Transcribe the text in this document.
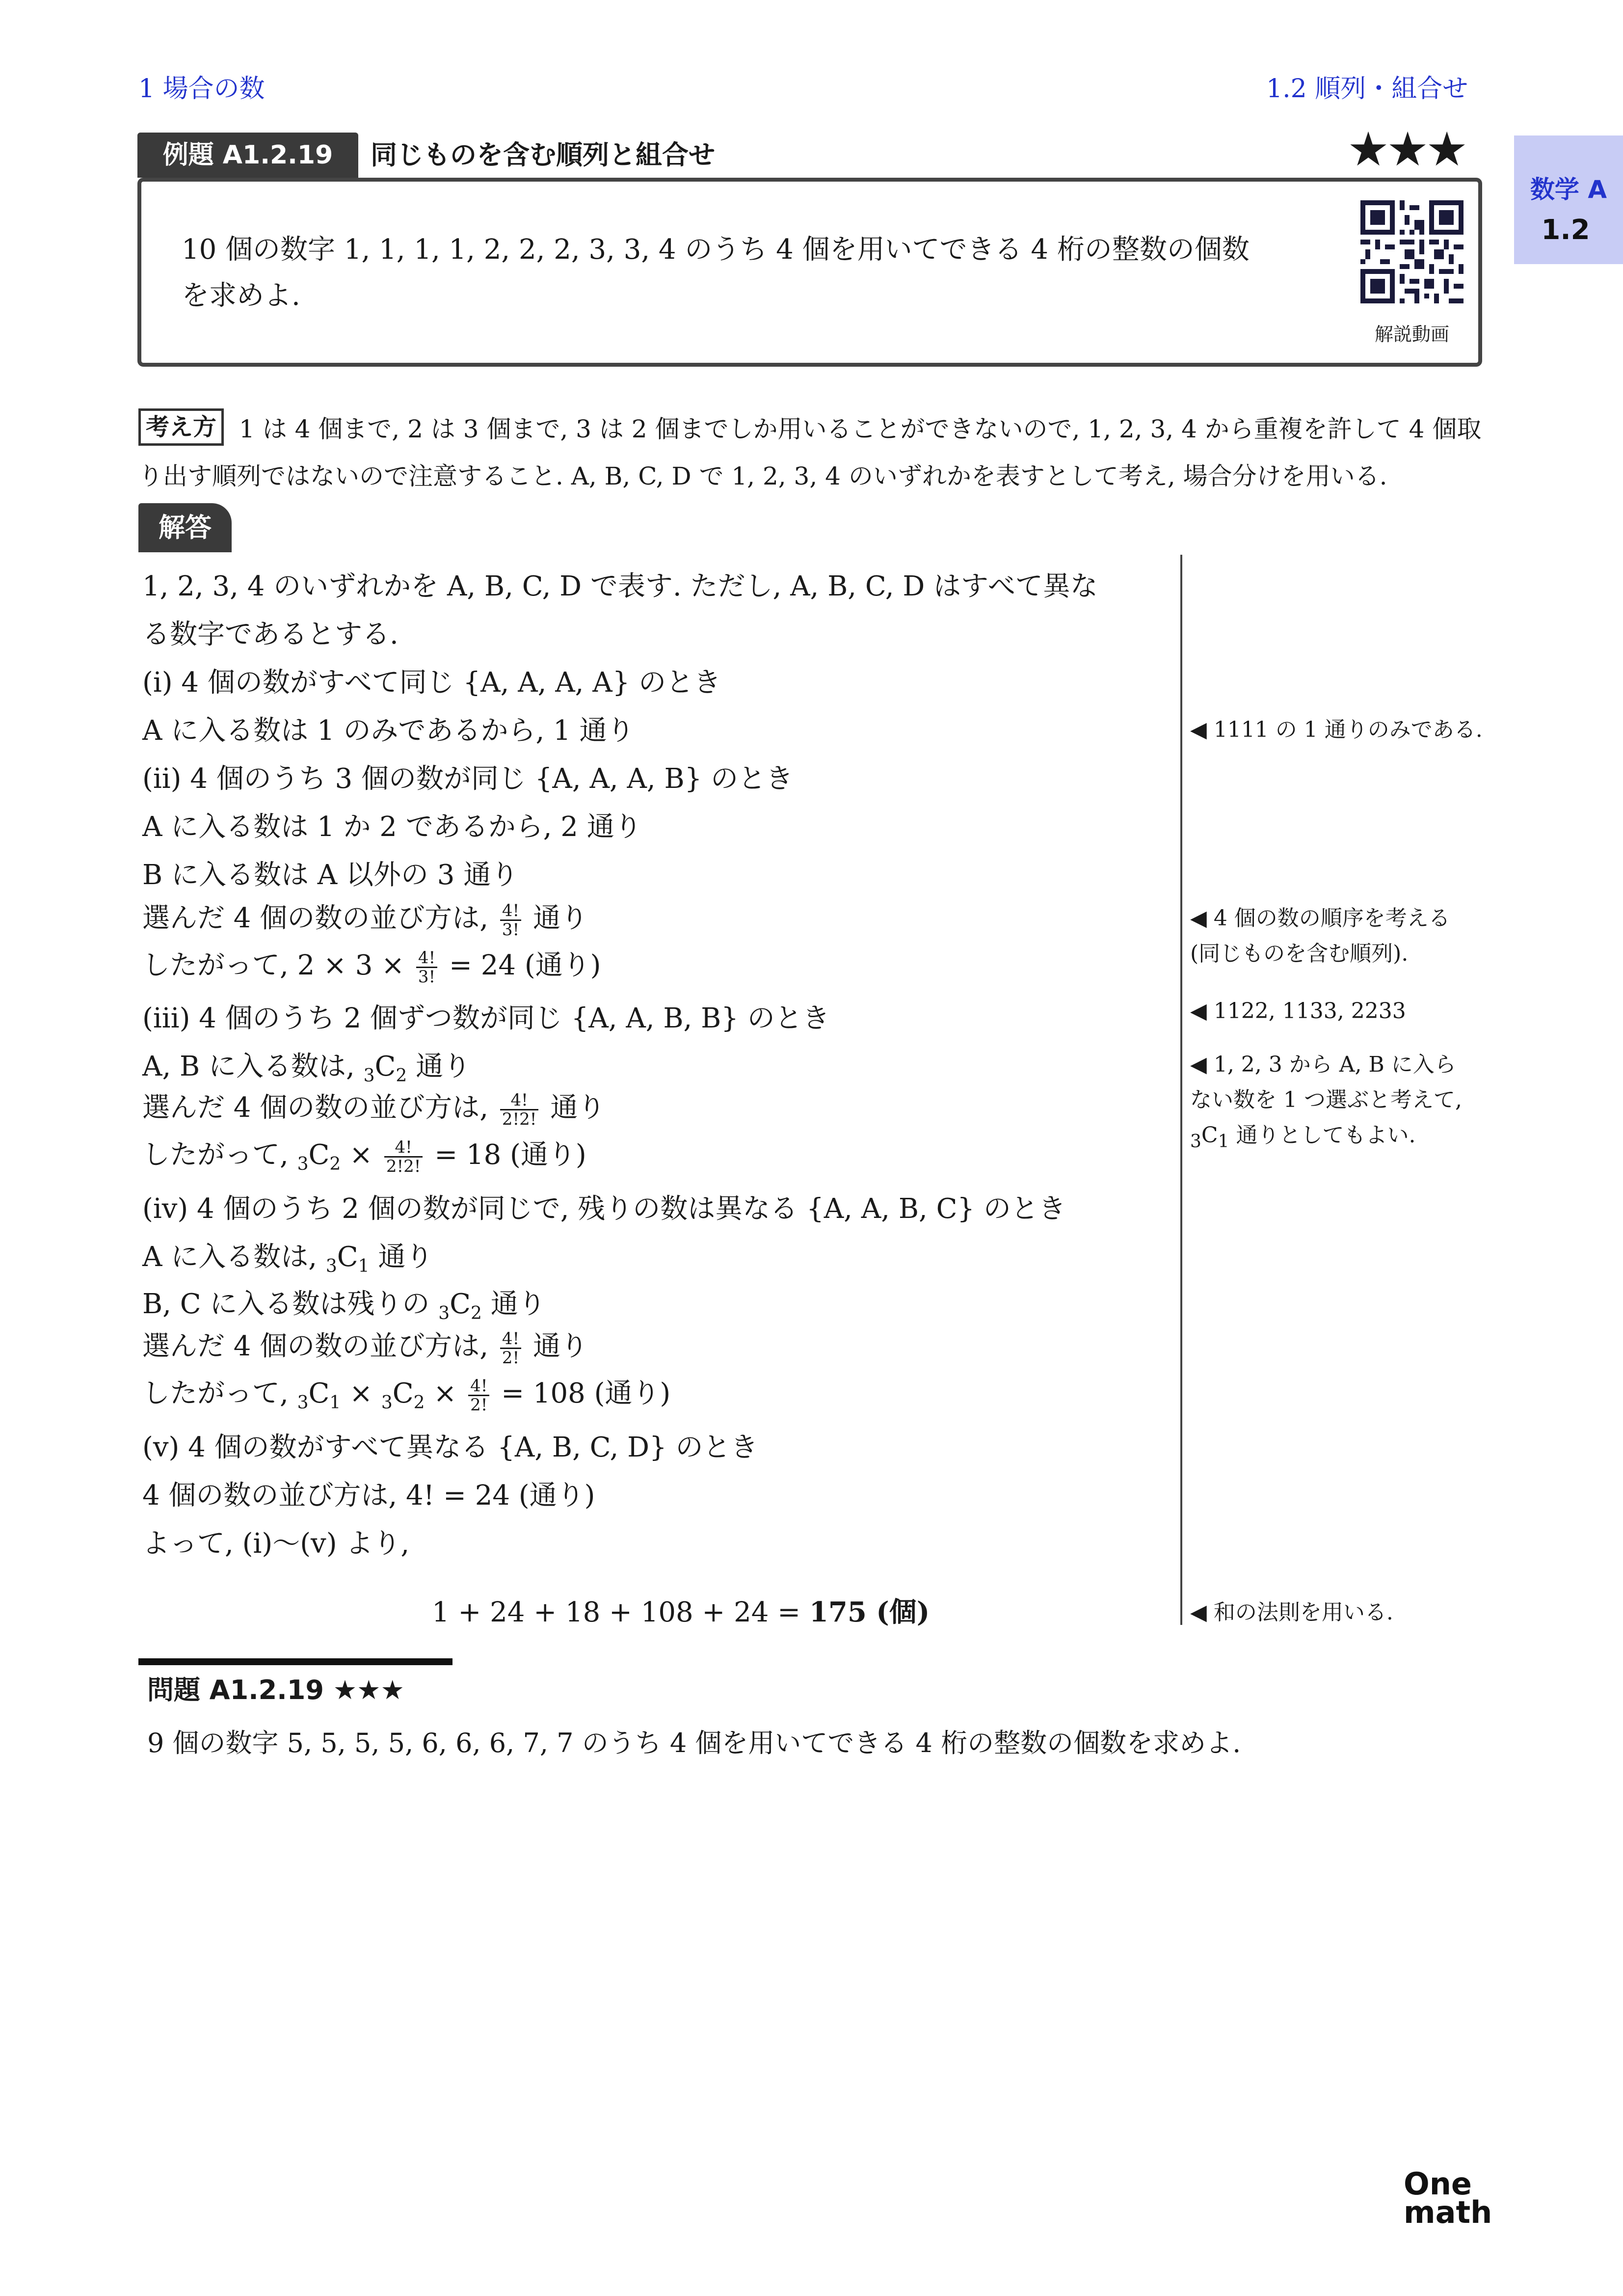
1 場合の数	1.2 順列・組合せ
数学 A
1.2
例題 A1.2.19	同じものを含む順列と組合せ	★★★
10 個の数字 1, 1, 1, 1, 2, 2, 2, 3, 3, 4 のうち 4 個を用いてできる 4 桁の整数の個数
を求めよ.
解説動画
考え方 1 は 4 個まで, 2 は 3 個まで, 3 は 2 個までしか用いることができないので, 1, 2, 3, 4 から重複を許して 4 個取り出す順列ではないので注意すること. A, B, C, D で 1, 2, 3, 4 のいずれかを表すとして考え, 場合分けを用いる.
解答
1, 2, 3, 4 のいずれかを A, B, C, D で表す. ただし, A, B, C, D はすべて異な
る数字であるとする.
(i) 4 個の数がすべて同じ {A, A, A, A} のとき
A に入る数は 1 のみであるから, 1 通り
(ii) 4 個のうち 3 個の数が同じ {A, A, A, B} のとき
A に入る数は 1 か 2 であるから, 2 通り
B に入る数は A 以外の 3 通り
選んだ 4 個の数の並び方は, $\frac{4!}{3!}$ 通り
したがって, $2 \times 3 \times \frac{4!}{3!} = 24$ (通り)
(iii) 4 個のうち 2 個ずつ数が同じ {A, A, B, B} のとき
A, B に入る数は, $_3C_2$ 通り
選んだ 4 個の数の並び方は, $\frac{4!}{2!2!}$ 通り
したがって, $_3C_2 \times \frac{4!}{2!2!} = 18$ (通り)
(iv) 4 個のうち 2 個の数が同じで, 残りの数は異なる {A, A, B, C} のとき
A に入る数は, $_3C_1$ 通り
B, C に入る数は残りの $_3C_2$ 通り
選んだ 4 個の数の並び方は, $\frac{4!}{2!}$ 通り
したがって, $_3C_1 \times _3C_2 \times \frac{4!}{2!} = 108$ (通り)
(v) 4 個の数がすべて異なる {A, B, C, D} のとき
4 個の数の並び方は, 4! = 24 (通り)
よって, (i)〜(v) より,
1 + 24 + 18 + 108 + 24 = 175 (個)
◀ 1111 の 1 通りのみである.
◀ 4 個の数の順序を考える
(同じものを含む順列).
◀ 1122, 1133, 2233
◀ 1, 2, 3 から A, B に入ら
ない数を 1 つ選ぶと考えて,
$_3C_1$ 通りとしてもよい.
◀ 和の法則を用いる.
問題 A1.2.19 ★★★
9 個の数字 5, 5, 5, 5, 6, 6, 6, 7, 7 のうち 4 個を用いてできる 4 桁の整数の個数を求めよ.
One
math
